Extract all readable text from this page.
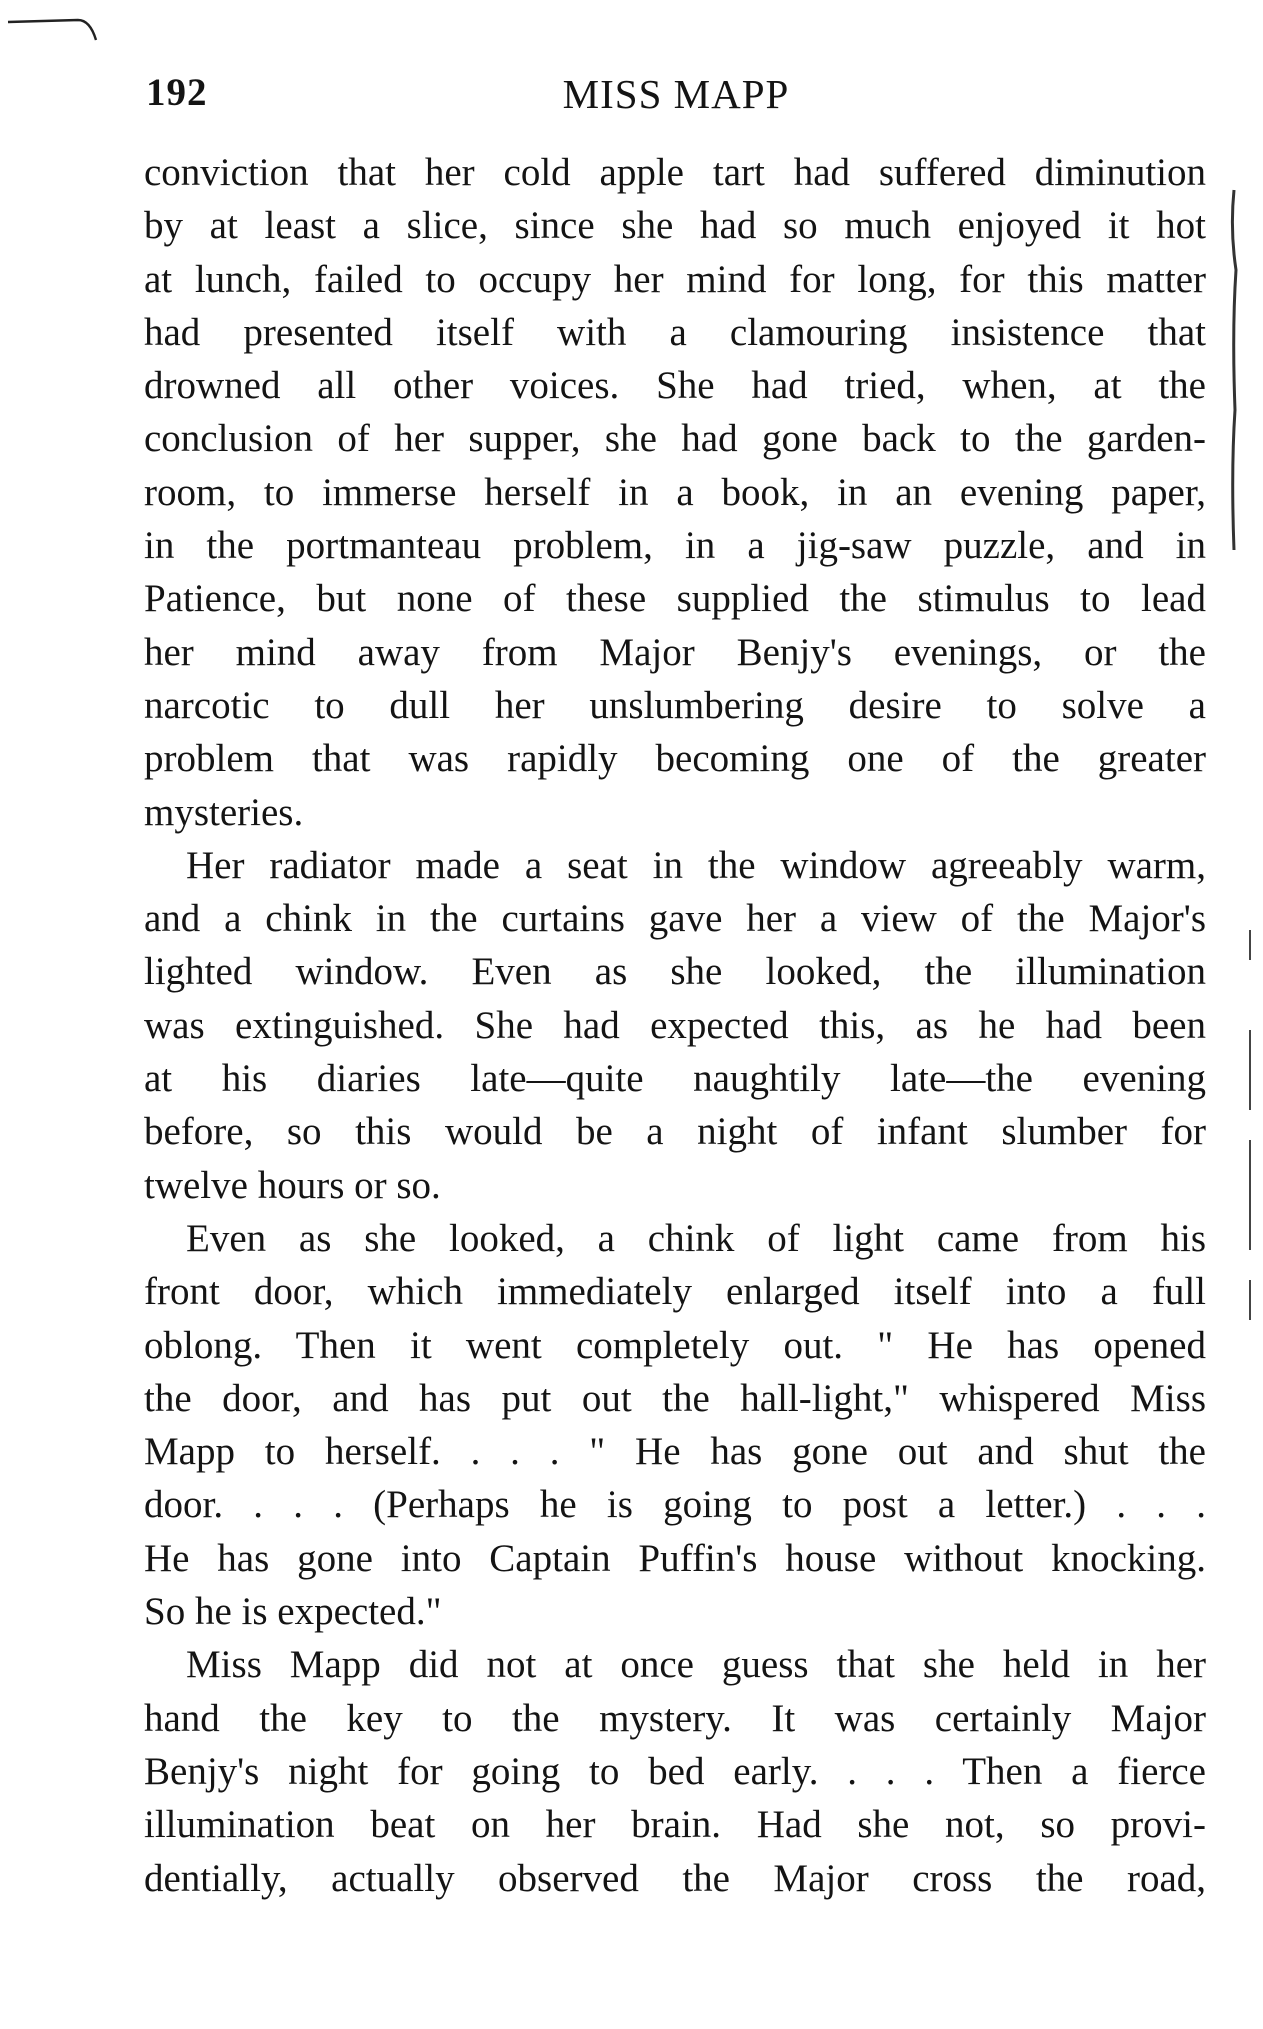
192	MISS MAPP
conviction that her cold apple tart had suffered diminution
by at least a slice, since she had so much enjoyed it hot
at lunch, failed to occupy her mind for long, for this matter
had presented itself with a clamouring insistence that
drowned all other voices. She had tried, when, at the
conclusion of her supper, she had gone back to the garden-
room, to immerse herself in a book, in an evening paper,
in the portmanteau problem, in a jig-saw puzzle, and in
Patience, but none of these supplied the stimulus to lead
her mind away from Major Benjy's evenings, or the
narcotic to dull her unslumbering desire to solve a
problem that was rapidly becoming one of the greater
mysteries.
Her radiator made a seat in the window agreeably warm,
and a chink in the curtains gave her a view of the Major's
lighted window. Even as she looked, the illumination
was extinguished. She had expected this, as he had been
at his diaries late—quite naughtily late—the evening
before, so this would be a night of infant slumber for
twelve hours or so.
Even as she looked, a chink of light came from his
front door, which immediately enlarged itself into a full
oblong. Then it went completely out. " He has opened
the door, and has put out the hall-light," whispered Miss
Mapp to herself. . . . " He has gone out and shut the
door. . . . (Perhaps he is going to post a letter.) . . .
He has gone into Captain Puffin's house without knocking.
So he is expected."
Miss Mapp did not at once guess that she held in her
hand the key to the mystery. It was certainly Major
Benjy's night for going to bed early. . . . Then a fierce
illumination beat on her brain. Had she not, so provi-
dentially, actually observed the Major cross the road,
